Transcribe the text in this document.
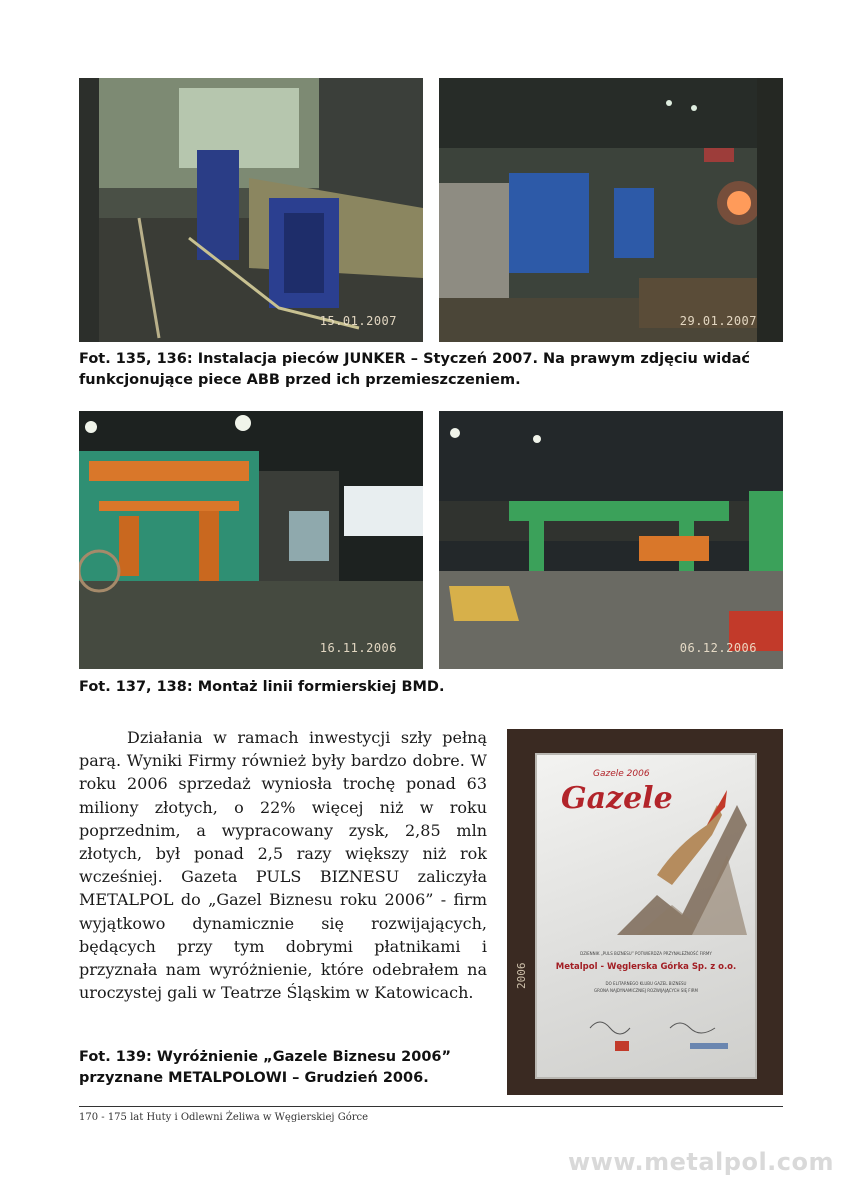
15.01.2007	29.01.2007
Fot. 135, 136: Instalacja pieców JUNKER – Styczeń 2007. Na prawym zdjęciu widać
funkcjonujące piece ABB przed ich przemieszczeniem.
16.11.2006	06.12.2006
Fot. 137, 138: Montaż linii formierskiej BMD.

Działania w ramach inwestycji szły pełną parą. Wyniki Firmy również były bardzo dobre. W roku 2006 sprzedaż wyniosła trochę ponad 63 miliony złotych, o 22% więcej niż w roku poprzednim, a wypracowany zysk, 2,85 mln złotych, był ponad 2,5 razy większy niż rok wcześniej. Gazeta PULS BIZNESU zaliczyła METALPOL do „Gazel Biznesu roku 2006” - firm wyjątkowo dynamicznie się rozwijających, będących przy tym dobrymi płatnikami i przyznała nam wyróżnienie, które odebrałem na uroczystej gali w Teatrze Śląskim w Katowicach.

Gazele 2006
Gazele
DZIENNIK „PULS BIZNESU” POTWIERDZA PRZYNALEŻNOŚĆ FIRMY
Metalpol - Węglerska Górka Sp. z o.o.
DO ELITARNEGO KLUBU GAZEL BIZNESU
GRONA NAJDYNAMICZNIEJ ROZWIJAJĄCYCH SIĘ FIRM
2006
Fot. 139: Wyróżnienie „Gazele Biznesu 2006”
przyznane METALPOLOWI – Grudzień 2006.
170 - 175 lat Huty i Odlewni Żeliwa w Węgierskiej Górce
www.metalpol.com
